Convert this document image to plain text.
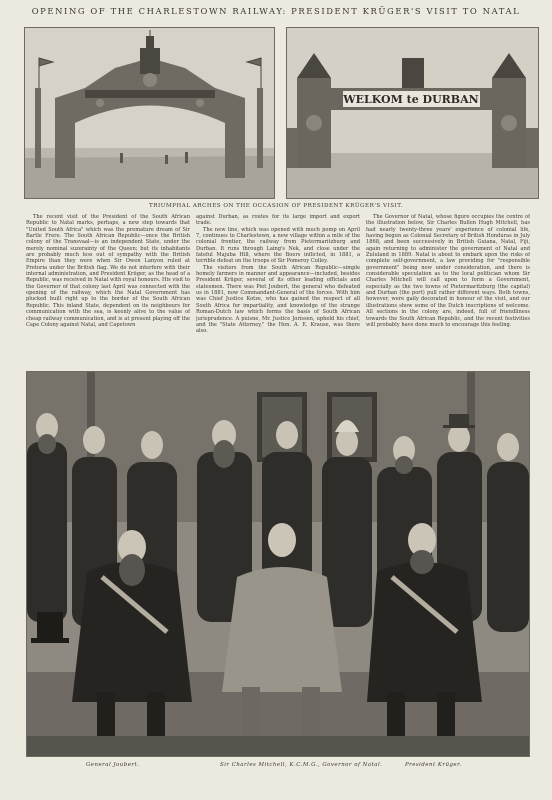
OPENING OF THE CHARLESTOWN RAILWAY: PRESIDENT KRÜGER'S VISIT TO NATAL
WELKOM te DURBAN
TRIUMPHAL ARCHES ON THE OCCASION OF PRESIDENT KRÜGER'S VISIT.

The recent visit of the President of the South African Republic to Natal marks, perhaps, a new step towards that "United South Africa" which was the premature dream of Sir Bartle Frere. The South African Republic—once the British colony of the Transvaal—is an independent State, under the merely nominal suzerainty of the Queen; but its inhabitants are probably much less out of sympathy with the British Empire than they were when Sir Owen Lanyon ruled at Pretoria under the British flag. We do not interfere with their internal administration, and President Krüger, as the head of a Republic, was received in Natal with royal honours. His visit to the Governor of that colony last April was connected with the opening of the railway, which the Natal Government has plucked built right up to the border of the South African Republic. This inland State, dependent on its neighbours for communication with the sea, is keenly alive to the value of cheap railway communication, and is at present playing off the Cape Colony against Natal, and Capetown

against Durban, as routes for its large import and export trade.

The new line, which was opened with much pomp on April 7, continues to Charlestown, a new village within a mile of the colonial frontier, the railway from Pietermaritzburg and Durban. It runs through Laing's Nek, and close under the fateful Majuba Hill, where the Boers inflicted, in 1881, a terrible defeat on the troops of Sir Pomeroy Colley.

The visitors from the South African Republic—simple homely farmers in manner and appearance—included, besides President Krüger, several of its other leading officials and statesmen. There was Piet Joubert, the general who defeated us in 1881, now Commandant-General of the forces. With him was Chief Justice Kotze, who has gained the respect of all South Africa for impartiality, and knowledge of the strange Roman-Dutch law which forms the basis of South African jurisprudence. A puisne, Mr. Justice Jorissen, upheld his chief, and the "State Attorney," the Hon. A. E. Krause, was there also.

The Governor of Natal, whose figure occupies the centre of the illustration below, Sir Charles Bullen Hugh Mitchell, has had nearly twenty-three years' experience of colonial life, having begun as Colonial Secretary of British Honduras in July 1868, and been successively in British Guiana, Natal, Fiji, again returning to administer the government of Natal and Zululand in 1889. Natal is about to embark upon the risks of complete self-government, a law providing for "responsible government" being now under consideration, and there is considerable speculation as to the local politician whom Sir Charles Mitchell will call upon to form a Government, especially as the two towns of Pietermaritzburg (the capital) and Durban (the port) pull rather different ways. Both towns, however, were gaily decorated in honour of the visit, and our illustrations show some of the Dutch inscriptions of welcome. All sections in the colony are, indeed, full of friendliness towards the South African Republic, and the recent festivities will probably have done much to encourage this feeling.

General Joubert.	Sir Charles Mitchell, K.C.M.G., Governor of Natal.	President Krüger.
